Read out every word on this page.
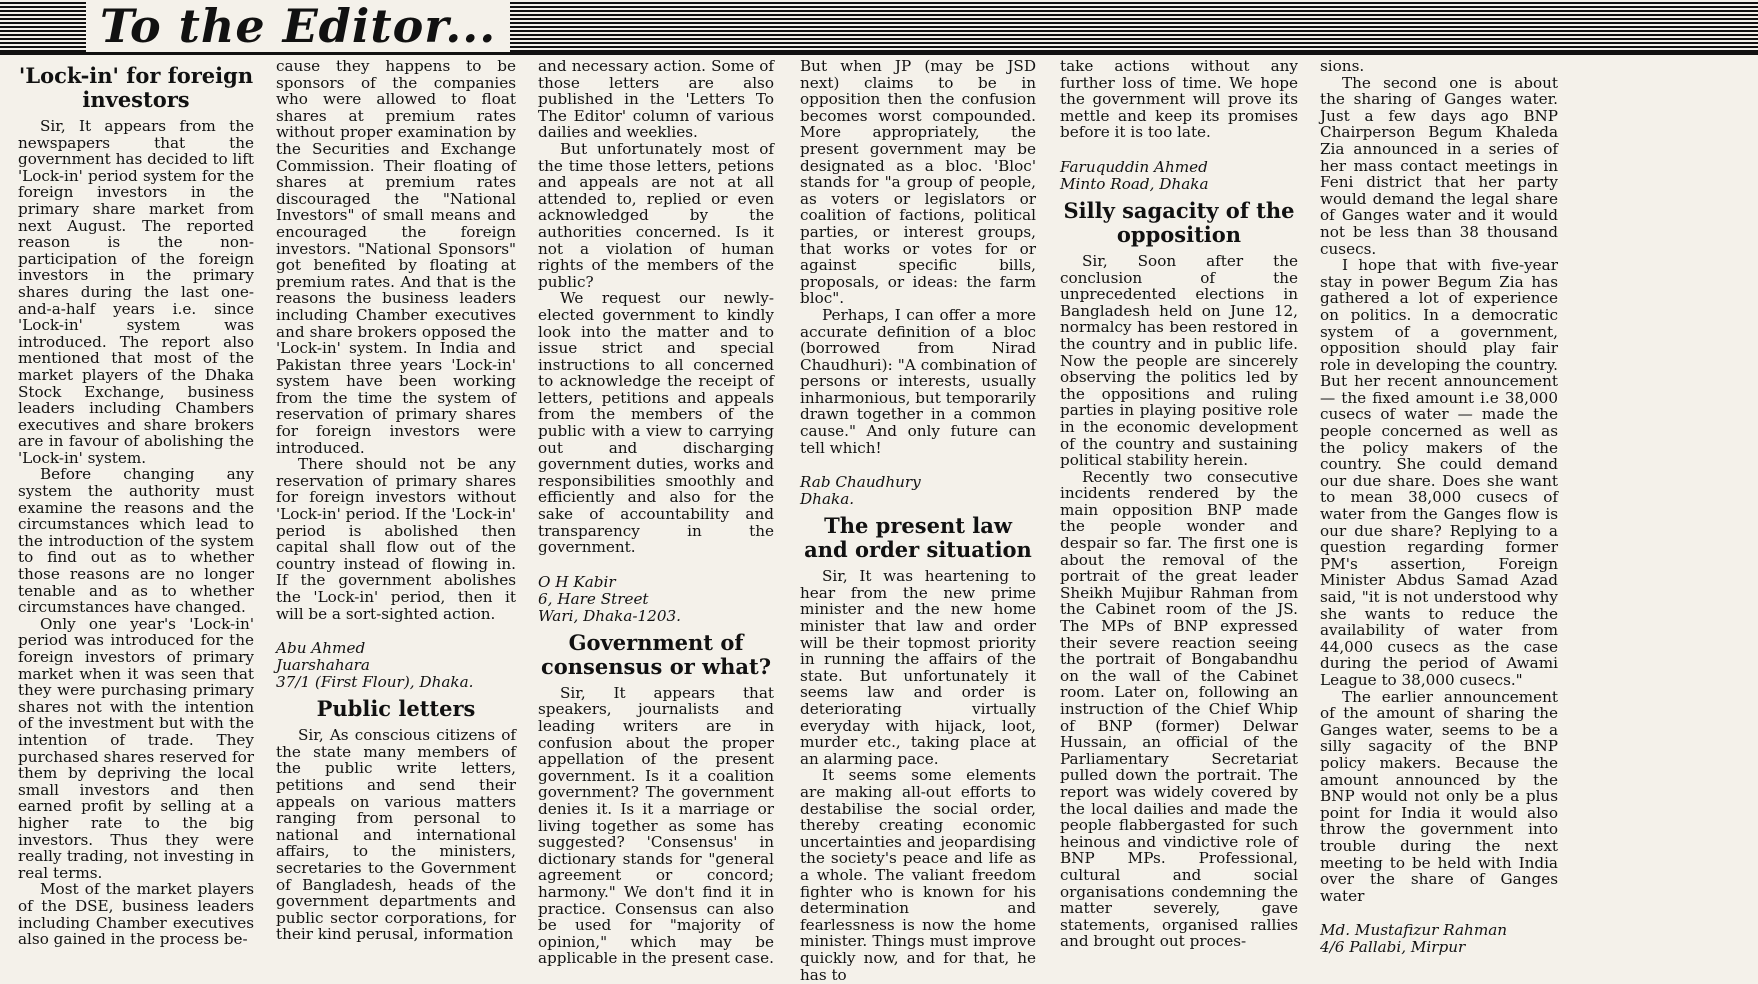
To the Editor...
'Lock-in' for foreign investors

Sir, It appears from the newspapers that the government has decided to lift 'Lock-in' period system for the foreign investors in the primary share market from next August. The reported reason is the non-participation of the foreign investors in the primary shares during the last one-and-a-half years i.e. since 'Lock-in' system was introduced. The report also mentioned that most of the market players of the Dhaka Stock Exchange, business leaders including Chambers executives and share brokers are in favour of abolishing the 'Lock-in' system.

Before changing any system the authority must examine the reasons and the circumstances which lead to the introduction of the system to find out as to whether those reasons are no longer tenable and as to whether circumstances have changed.

Only one year's 'Lock-in' period was introduced for the foreign investors of primary market when it was seen that they were purchasing primary shares not with the intention of the investment but with the intention of trade. They purchased shares reserved for them by depriving the local small investors and then earned profit by selling at a higher rate to the big investors. Thus they were really trading, not investing in real terms.

Most of the market players of the DSE, business leaders including Chamber executives also gained in the process be-

cause they happens to be sponsors of the companies who were allowed to float shares at premium rates without proper examination by the Securities and Exchange Commission. Their floating of shares at premium rates discouraged the "National Investors" of small means and encouraged the foreign investors. "National Sponsors" got benefited by floating at premium rates. And that is the reasons the business leaders including Chamber executives and share brokers opposed the 'Lock-in' system. In India and Pakistan three years 'Lock-in' system have been working from the time the system of reservation of primary shares for foreign investors were introduced.

There should not be any reservation of primary shares for foreign investors without 'Lock-in' period. If the 'Lock-in' period is abolished then capital shall flow out of the country instead of flowing in. If the government abolishes the 'Lock-in' period, then it will be a sort-sighted action.

Abu Ahmed
Juarshahara
37/1 (First Flour), Dhaka.
Public letters

Sir, As conscious citizens of the state many members of the public write letters, petitions and send their appeals on various matters ranging from personal to national and international affairs, to the ministers, secretaries to the Government of Bangladesh, heads of the government departments and public sector corporations, for their kind perusal, information

and necessary action. Some of those letters are also published in the 'Letters To The Editor' column of various dailies and weeklies.

But unfortunately most of the time those letters, petions and appeals are not at all attended to, replied or even acknowledged by the authorities concerned. Is it not a violation of human rights of the members of the public?

We request our newly-elected government to kindly look into the matter and to issue strict and special instructions to all concerned to acknowledge the receipt of letters, petitions and appeals from the members of the public with a view to carrying out and discharging government duties, works and responsibilities smoothly and efficiently and also for the sake of accountability and transparency in the government.

O H Kabir
6, Hare Street
Wari, Dhaka-1203.
Government of consensus or what?

Sir, It appears that speakers, journalists and leading writers are in confusion about the proper appellation of the present government. Is it a coalition government? The government denies it. Is it a marriage or living together as some has suggested? 'Consensus' in dictionary stands for "general agreement or concord; harmony." We don't find it in practice. Consensus can also be used for "majority of opinion," which may be applicable in the present case.

But when JP (may be JSD next) claims to be in opposition then the confusion becomes worst compounded. More appropriately, the present government may be designated as a bloc. 'Bloc' stands for "a group of people, as voters or legislators or coalition of factions, political parties, or interest groups, that works or votes for or against specific bills, proposals, or ideas: the farm bloc".

Perhaps, I can offer a more accurate definition of a bloc (borrowed from Nirad Chaudhuri): "A combination of persons or interests, usually inharmonious, but temporarily drawn together in a common cause." And only future can tell which!

Rab Chaudhury
Dhaka.
The present law and order situation

Sir, It was heartening to hear from the new prime minister and the new home minister that law and order will be their topmost priority in running the affairs of the state. But unfortunately it seems law and order is deteriorating virtually everyday with hijack, loot, murder etc., taking place at an alarming pace.

It seems some elements are making all-out efforts to destabilise the social order, thereby creating economic uncertainties and jeopardising the society's peace and life as a whole. The valiant freedom fighter who is known for his determination and fearlessness is now the home minister. Things must improve quickly now, and for that, he has to

take actions without any further loss of time. We hope the government will prove its mettle and keep its promises before it is too late.

Faruquddin Ahmed
Minto Road, Dhaka
Silly sagacity of the opposition

Sir, Soon after the conclusion of the unprecedented elections in Bangladesh held on June 12, normalcy has been restored in the country and in public life. Now the people are sincerely observing the politics led by the oppositions and ruling parties in playing positive role in the economic development of the country and sustaining political stability herein.

Recently two consecutive incidents rendered by the main opposition BNP made the people wonder and despair so far. The first one is about the removal of the portrait of the great leader Sheikh Mujibur Rahman from the Cabinet room of the JS. The MPs of BNP expressed their severe reaction seeing the portrait of Bongabandhu on the wall of the Cabinet room. Later on, following an instruction of the Chief Whip of BNP (former) Delwar Hussain, an official of the Parliamentary Secretariat pulled down the portrait. The report was widely covered by the local dailies and made the people flabbergasted for such heinous and vindictive role of BNP MPs. Professional, cultural and social organisations condemning the matter severely, gave statements, organised rallies and brought out proces-

sions.

The second one is about the sharing of Ganges water. Just a few days ago BNP Chairperson Begum Khaleda Zia announced in a series of her mass contact meetings in Feni district that her party would demand the legal share of Ganges water and it would not be less than 38 thousand cusecs.

I hope that with five-year stay in power Begum Zia has gathered a lot of experience on politics. In a democratic system of a government, opposition should play fair role in developing the country. But her recent announcement — the fixed amount i.e 38,000 cusecs of water — made the people concerned as well as the policy makers of the country. She could demand our due share. Does she want to mean 38,000 cusecs of water from the Ganges flow is our due share? Replying to a question regarding former PM's assertion, Foreign Minister Abdus Samad Azad said, "it is not understood why she wants to reduce the availability of water from 44,000 cusecs as the case during the period of Awami League to 38,000 cusecs."

The earlier announcement of the amount of sharing the Ganges water, seems to be a silly sagacity of the BNP policy makers. Because the amount announced by the BNP would not only be a plus point for India it would also throw the government into trouble during the next meeting to be held with India over the share of Ganges water

Md. Mustafizur Rahman
4/6 Pallabi, Mirpur
